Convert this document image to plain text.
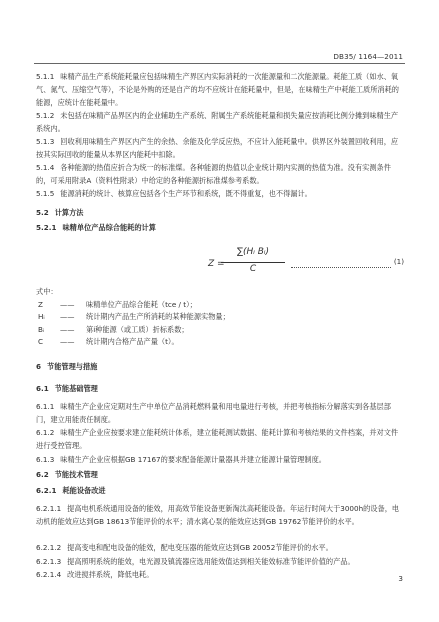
DB35/ 1164—2011

5.1.1 味精产品生产系统能耗量应包括味精生产界区内实际消耗的一次能源量和二次能源量。耗能工质（如水、氧气、氮气、压缩空气等），不论是外购的还是自产的均不应统计在能耗量中，但是，在味精生产中耗能工质所消耗的能源，应统计在能耗量中。

5.1.2 未包括在味精产品界区内的企业辅助生产系统、附属生产系统能耗量和损失量应按消耗比例分摊到味精生产系统内。

5.1.3 回收利用味精生产界区内产生的余热、余能及化学反应热，不应计入能耗量中。供界区外装置回收利用，应按其实际回收的能量从本界区内能耗中扣除。

5.1.4 各种能源的热值应折合为统一的标准煤。各种能源的热值以企业统计期内实测的热值为准。没有实测条件的，可采用附录A（资料性附录）中给定的各种能源折标准煤参考系数。

5.1.5 能源消耗的统计、核算应包括各个生产环节和系统，既不得重复，也不得漏计。

5.2 计算方法

5.2.1 味精单位产品综合能耗的计算

Z =
∑(Hᵢ Bᵢ)
C
(1)
式中：
Z	——	味精单位产品综合能耗（tce / t）；
Hᵢ	——	统计期内产品生产所消耗的某种能源实物量；
Bᵢ	——	第i种能源（或工质）折标系数；
C	——	统计期内合格产品产量（t）。

6 节能管理与措施

6.1 节能基础管理

6.1.1 味精生产企业应定期对生产中单位产品消耗燃料量和用电量进行考核，并把考核指标分解落实到各基层部门，建立用能责任制度。

6.1.2 味精生产企业应按要求建立能耗统计体系，建立能耗测试数据、能耗计算和考核结果的文件档案，并对文件进行受控管理。

6.1.3 味精生产企业应根据GB 17167的要求配备能源计量器具并建立能源计量管理制度。

6.2 节能技术管理

6.2.1 耗能设备改进

6.2.1.1 提高电机系统通用设备的能效，用高效节能设备更新淘汰高耗能设备。年运行时间大于3000h的设备，电动机的能效应达到GB 18613节能评价的水平；清水离心泵的能效应达到GB 19762节能评价的水平。

6.2.1.2 提高变电和配电设备的能效，配电变压器的能效应达到GB 20052节能评价的水平。

6.2.1.3 提高照明系统的能效，电光源及镇流器应选用能效值达到相关能效标准节能评价值的产品。

6.2.1.4 改进搅拌系统，降低电耗。	3
